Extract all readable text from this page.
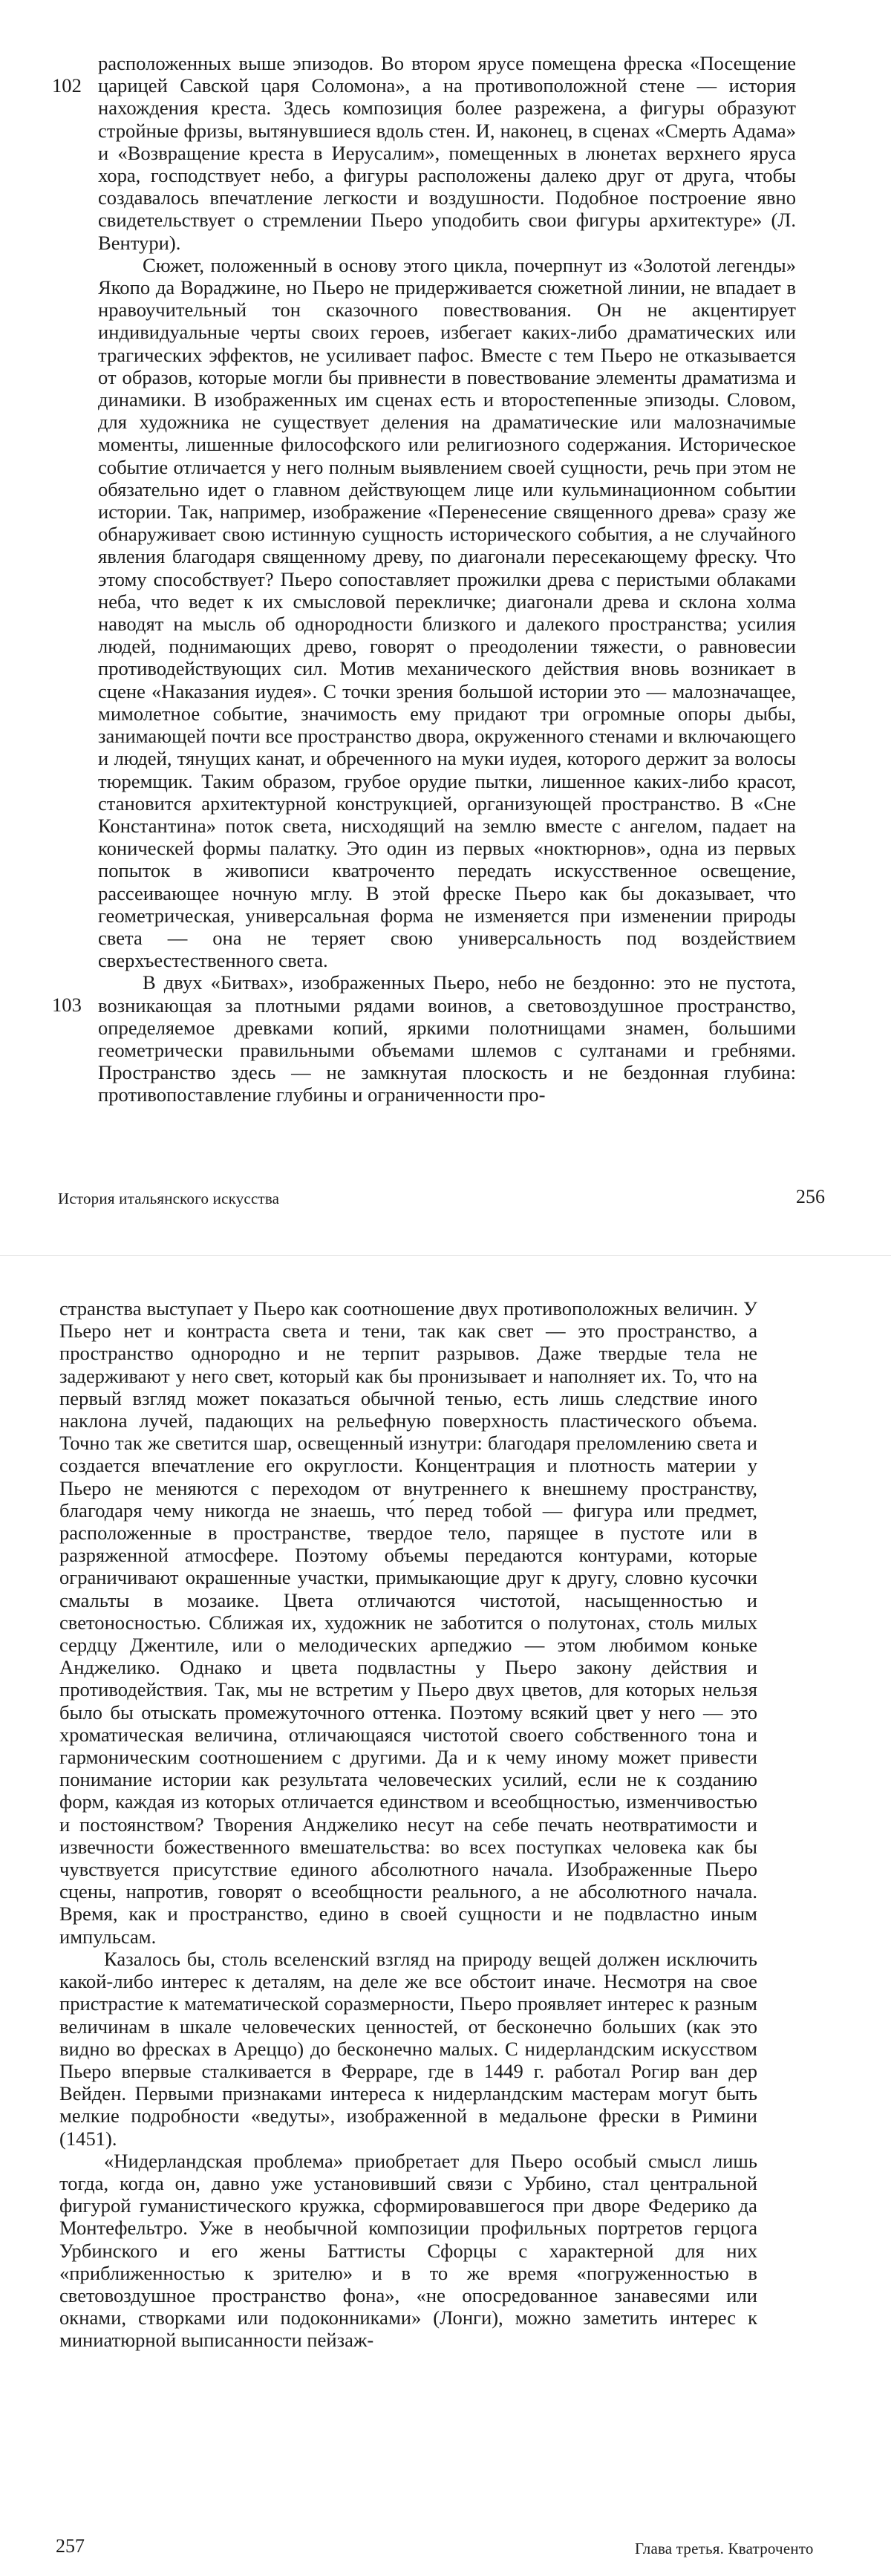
102
103

расположенных выше эпизодов. Во втором ярусе помещена фреска «Посещение царицей Савской царя Соломона», а на противоположной стене — история нахождения креста. Здесь композиция более разрежена, а фигуры образуют стройные фризы, вытянувшиеся вдоль стен. И, наконец, в сценах «Смерть Адама» и «Возвращение креста в Иерусалим», помещенных в люнетах верхнего яруса хора, господствует небо, а фигуры расположены далеко друг от друга, чтобы создавалось впечатление легкости и воздушности. Подобное построение явно свидетельствует о стремлении Пьеро уподобить свои фигуры архитектуре» (Л. Вентури).

Сюжет, положенный в основу этого цикла, почерпнут из «Золотой легенды» Якопо да Вораджине, но Пьеро не придерживается сюжетной линии, не впадает в нравоучительный тон сказочного повествования. Он не акцентирует индивидуальные черты своих героев, избегает каких-либо драматических или трагических эффектов, не усиливает пафос. Вместе с тем Пьеро не отказывается от образов, которые могли бы привнести в повествование элементы драматизма и динамики. В изображенных им сценах есть и второстепенные эпизоды. Словом, для художника не существует деления на драматические или малозначимые моменты, лишенные философского или религиозного содержания. Историческое событие отличается у него полным выявлением своей сущности, речь при этом не обязательно идет о главном действующем лице или кульминационном событии истории. Так, например, изображение «Перенесение священного древа» сразу же обнаруживает свою истинную сущность исторического события, а не случайного явления благодаря священному древу, по диагонали пересекающему фреску. Что этому способствует? Пьеро сопоставляет прожилки древа с перистыми облаками неба, что ведет к их смысловой перекличке; диагонали древа и склона холма наводят на мысль об однородности близкого и далекого пространства; усилия людей, поднимающих древо, говорят о преодолении тяжести, о равновесии противодействующих сил. Мотив механического действия вновь возникает в сцене «Наказания иудея». С точки зрения большой истории это — малозначащее, мимолетное событие, значимость ему придают три огромные опоры дыбы, занимающей почти все пространство двора, окруженного стенами и включающего и людей, тянущих канат, и обреченного на муки иудея, которого держит за волосы тюремщик. Таким образом, грубое орудие пытки, лишенное каких-либо красот, становится архитектурной конструкцией, организующей пространство. В «Сне Константина» поток света, нисходящий на землю вместе с ангелом, падает на коническей формы палатку. Это один из первых «ноктюрнов», одна из первых попыток в живописи кватроченто передать искусственное освещение, рассеивающее ночную мглу. В этой фреске Пьеро как бы доказывает, что геометрическая, универсальная форма не изменяется при изменении природы света — она не теряет свою универсальность под воздействием сверхъестественного света.

В двух «Битвах», изображенных Пьеро, небо не бездонно: это не пустота, возникающая за плотными рядами воинов, а световоздушное пространство, определяемое древками копий, яркими полотнищами знамен, большими геометрически правильными объемами шлемов с султанами и гребнями. Пространство здесь — не замкнутая плоскость и не бездонная глубина: противопоставление глубины и ограниченности про-

История итальянского искусства	256

странства выступает у Пьеро как соотношение двух противоположных величин. У Пьеро нет и контраста света и тени, так как свет — это пространство, а пространство однородно и не терпит разрывов. Даже твердые тела не задерживают у него свет, который как бы пронизывает и наполняет их. То, что на первый взгляд может показаться обычной тенью, есть лишь следствие иного наклона лучей, падающих на рельефную поверхность пластического объема. Точно так же светится шар, освещенный изнутри: благодаря преломлению света и создается впечатление его округлости. Концентрация и плотность материи у Пьеро не меняются с переходом от внутреннего к внешнему пространству, благодаря чему никогда не знаешь, что́ перед тобой — фигура или предмет, расположенные в пространстве, твердое тело, парящее в пустоте или в разряженной атмосфере. Поэтому объемы передаются контурами, которые ограничивают окрашенные участки, примыкающие друг к другу, словно кусочки смальты в мозаике. Цвета отличаются чистотой, насыщенностью и светоносностью. Сближая их, художник не заботится о полутонах, столь милых сердцу Джентиле, или о мелодических арпеджио — этом любимом коньке Анджелико. Однако и цвета подвластны у Пьеро закону действия и противодействия. Так, мы не встретим у Пьеро двух цветов, для которых нельзя было бы отыскать промежуточного оттенка. Поэтому всякий цвет у него — это хроматическая величина, отличающаяся чистотой своего собственного тона и гармоническим соотношением с другими. Да и к чему иному может привести понимание истории как результата человеческих усилий, если не к созданию форм, каждая из которых отличается единством и всеобщностью, изменчивостью и постоянством? Творения Анджелико несут на себе печать неотвратимости и извечности божественного вмешательства: во всех поступках человека как бы чувствуется присутствие единого абсолютного начала. Изображенные Пьеро сцены, напротив, говорят о всеобщности реального, а не абсолютного начала. Время, как и пространство, едино в своей сущности и не подвластно иным импульсам.

Казалось бы, столь вселенский взгляд на природу вещей должен исключить какой-либо интерес к деталям, на деле же все обстоит иначе. Несмотря на свое пристрастие к математической соразмерности, Пьеро проявляет интерес к разным величинам в шкале человеческих ценностей, от бесконечно больших (как это видно во фресках в Ареццо) до бесконечно малых. С нидерландским искусством Пьеро впервые сталкивается в Ферраре, где в 1449 г. работал Рогир ван дер Вейден. Первыми признаками интереса к нидерландским мастерам могут быть мелкие подробности «ведуты», изображенной в медальоне фрески в Римини (1451).

«Нидерландская проблема» приобретает для Пьеро особый смысл лишь тогда, когда он, давно уже установивший связи с Урбино, стал центральной фигурой гуманистического кружка, сформировавшегося при дворе Федерико да Монтефельтро. Уже в необычной композиции профильных портретов герцога Урбинского и его жены Баттисты Сфорцы с характерной для них «приближенностью к зрителю» и в то же время «погруженностью в световоздушное пространство фона», «не опосредованное занавесями или окнами, створками или подоконниками» (Лонги), можно заметить интерес к миниатюрной выписанности пейзаж-

257	Глава третья. Кватроченто
